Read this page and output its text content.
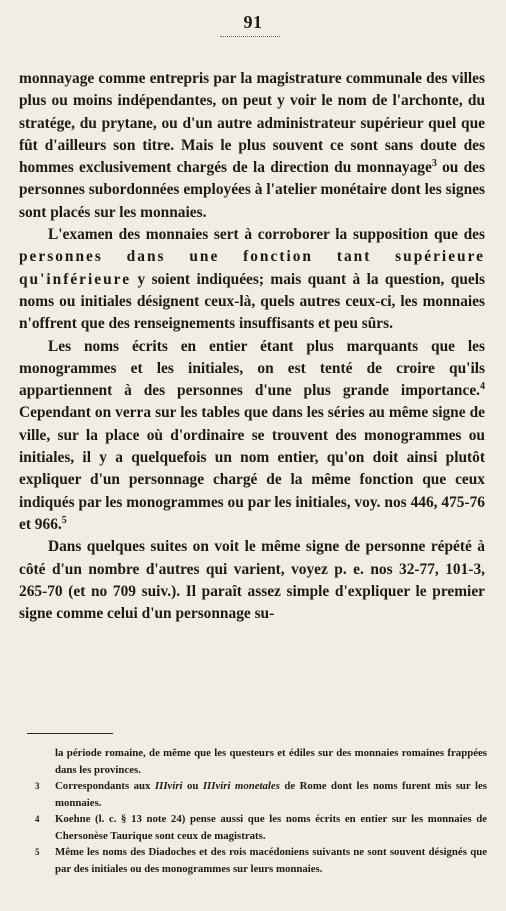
91

monnayage comme entrepris par la magistrature communale des villes plus ou moins indépendantes, on peut y voir le nom de l'archonte, du stratége, du prytane, ou d'un autre administrateur supérieur quel que fût d'ailleurs son titre. Mais le plus souvent ce sont sans doute des hommes exclusivement chargés de la direction du monnayage$^3$ ou des personnes subordonnées employées à l'atelier monétaire dont les signes sont placés sur les monnaies.

L'examen des monnaies sert à corroborer la supposition que des personnes dans une fonction tant supérieure qu'inférieure y soient indiquées; mais quant à la question, quels noms ou initiales désignent ceux-là, quels autres ceux-ci, les monnaies n'offrent que des renseignements insuffisants et peu sûrs.

Les noms écrits en entier étant plus marquants que les monogrammes et les initiales, on est tenté de croire qu'ils appartiennent à des personnes d'une plus grande importance.$^4$ Cependant on verra sur les tables que dans les séries au même signe de ville, sur la place où d'ordinaire se trouvent des monogrammes ou initiales, il y a quelquefois un nom entier, qu'on doit ainsi plutôt expliquer d'un personnage chargé de la même fonction que ceux indiqués par les monogrammes ou par les initiales, voy. nos 446, 475-76 et 966.$^5$

Dans quelques suites on voit le même signe de personne répété à côté d'un nombre d'autres qui varient, voyez p. e. nos 32-77, 101-3, 265-70 (et no 709 suiv.). Il paraît assez simple d'expliquer le premier signe comme celui d'un personnage su-

la période romaine, de même que les questeurs et édiles sur des monnaies romaines frappées dans les provinces.
3	Correspondants aux IIIviri ou IIIviri monetales de Rome dont les noms furent mis sur les monnaies.
4	Koehne (l. c. § 13 note 24) pense aussi que les noms écrits en entier sur les monnaies de Chersonèse Taurique sont ceux de magistrats.
5	Même les noms des Diadoches et des rois macédoniens suivants ne sont souvent désignés que par des initiales ou des monogrammes sur leurs monnaies.
